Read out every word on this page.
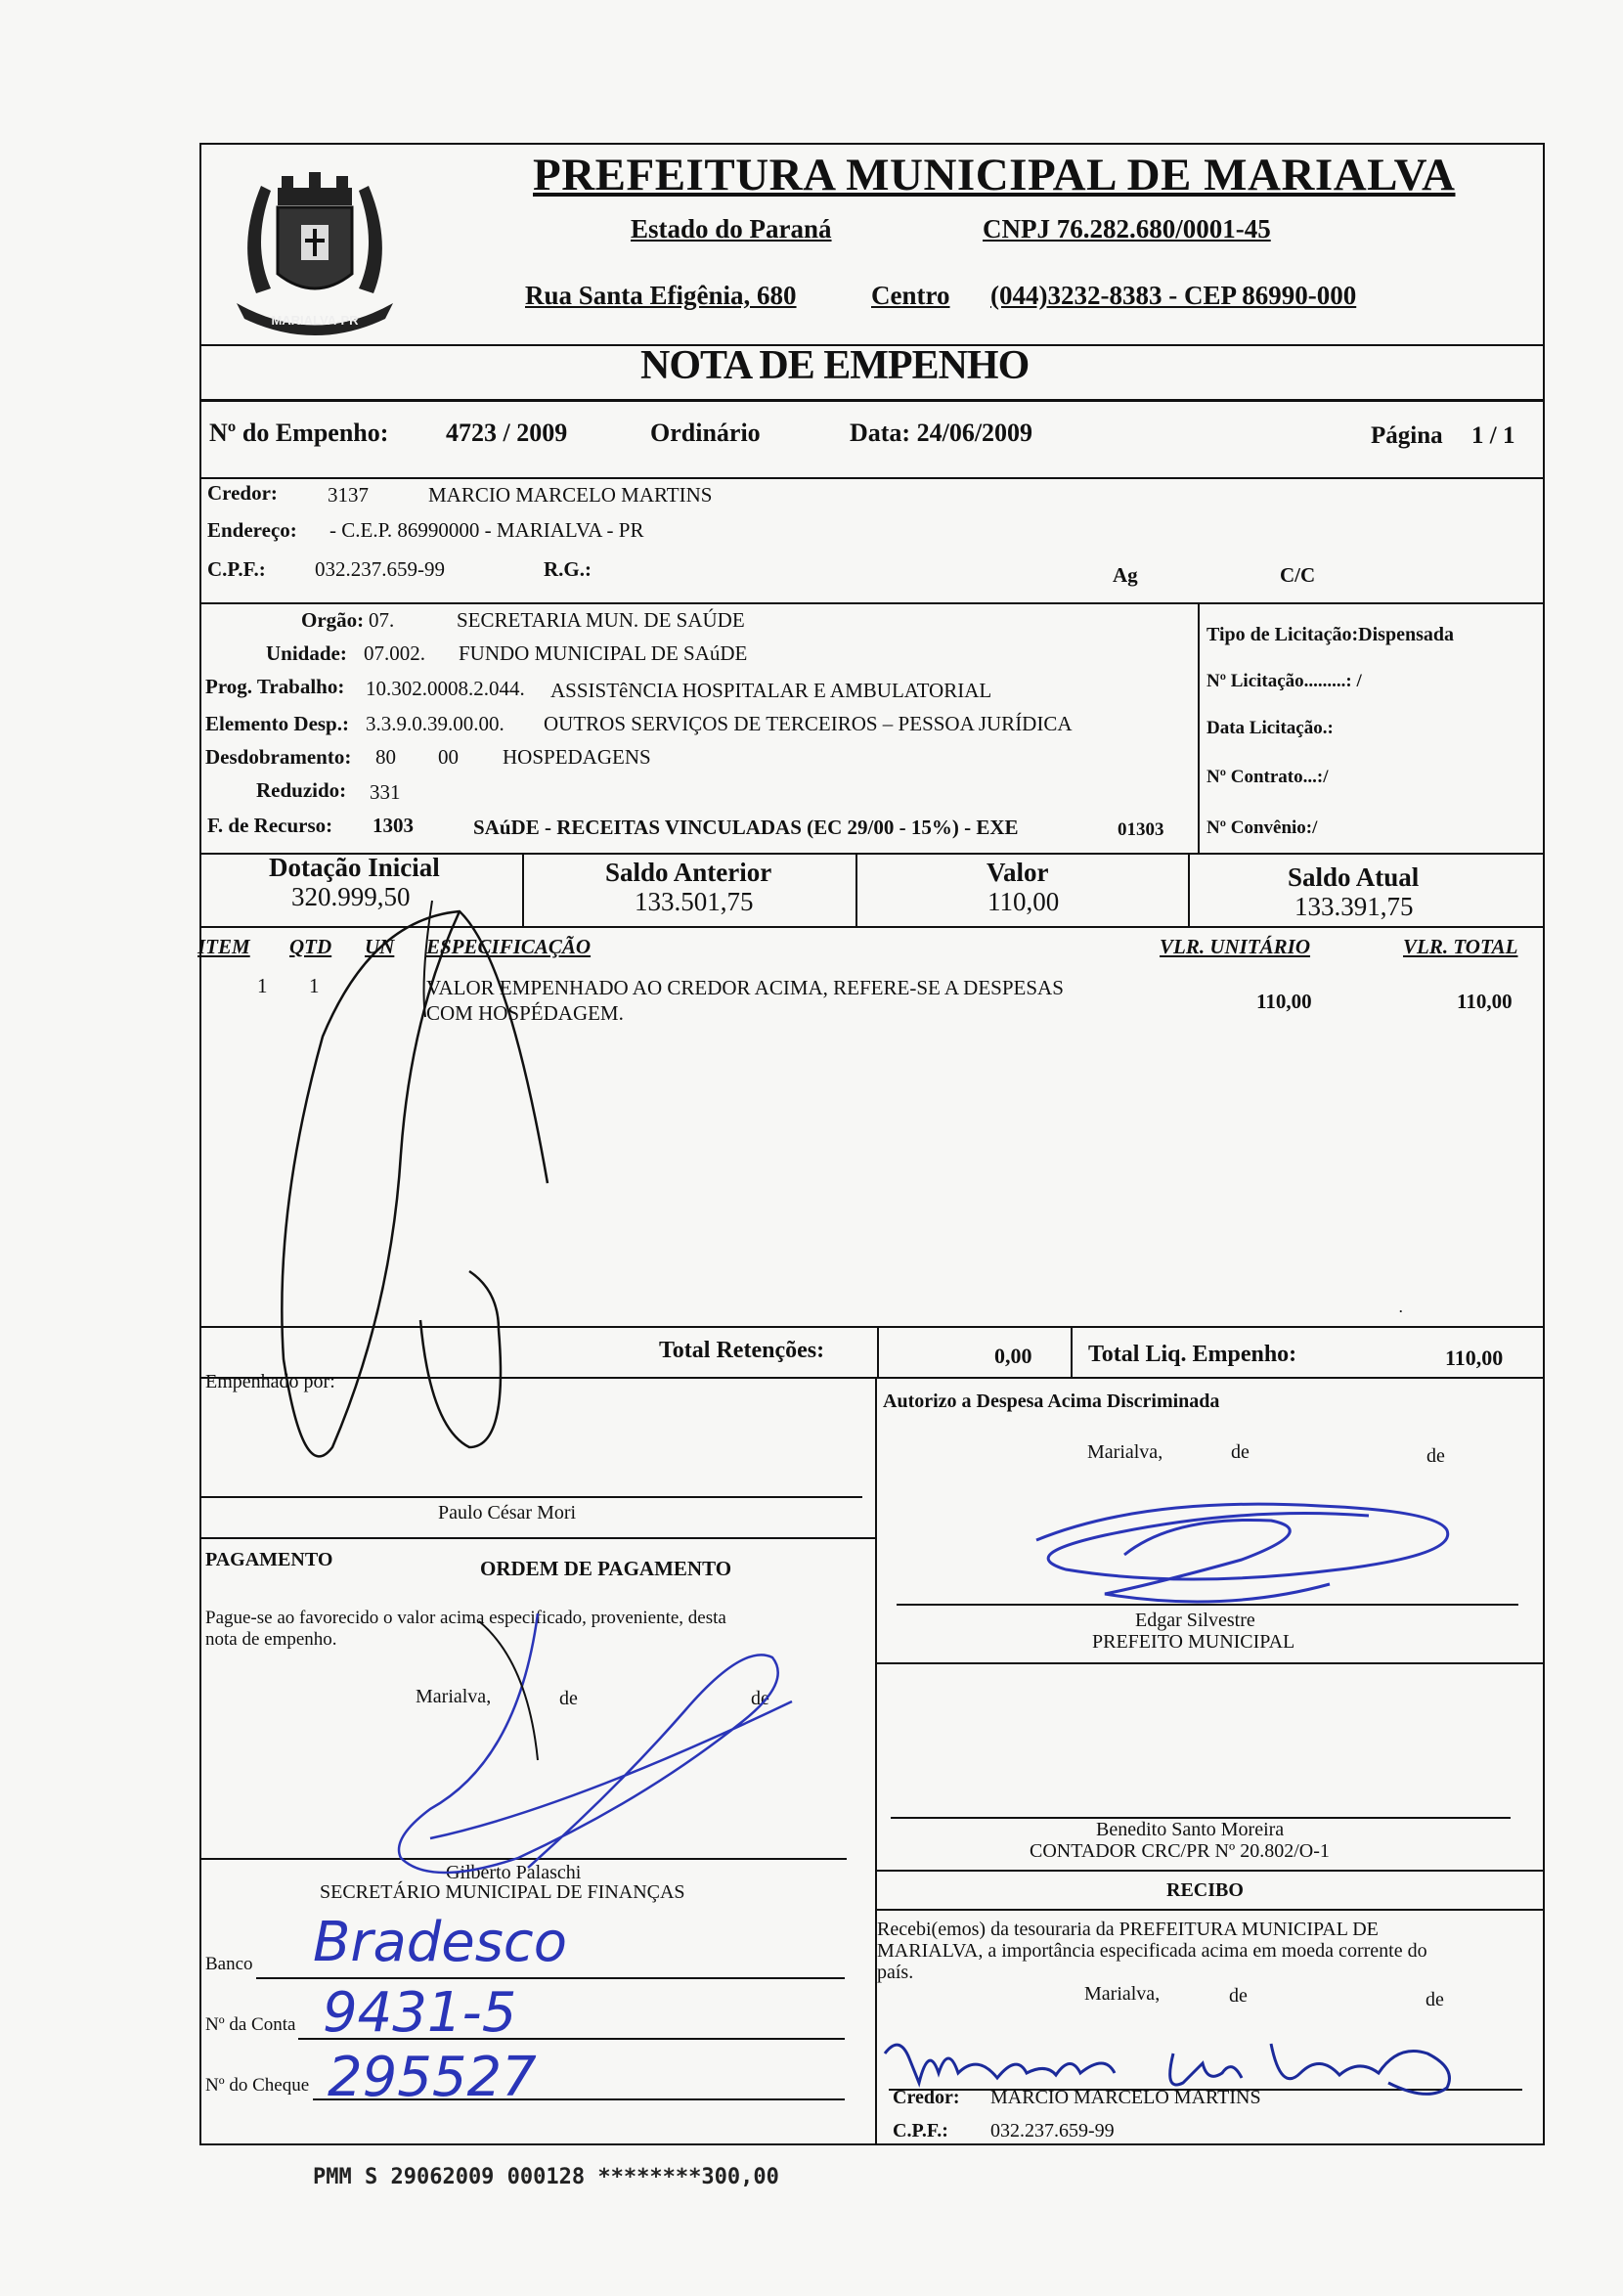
MARIALVA-PR
PREFEITURA MUNICIPAL DE MARIALVA
Estado do Paraná	CNPJ 76.282.680/0001-45
Rua Santa Efigênia, 680	Centro (044)3232-8383 - CEP 86990-000
NOTA DE EMPENHO
Nº do Empenho: 4723 / 2009	Ordinário	Data: 24/06/2009	Página 1 / 1
Credor: 3137	MARCIO MARCELO MARTINS
Endereço: - C.E.P. 86990000 - MARIALVA - PR
C.P.F.: 032.237.659-99	R.G.:	Ag	C/C
Orgão: 07.	SECRETARIA MUN. DE SAÚDE
Unidade: 07.002. FUNDO MUNICIPAL DE SAúDE
Prog. Trabalho: 10.302.0008.2.044. ASSISTêNCIA HOSPITALAR E AMBULATORIAL
Elemento Desp.: 3.3.9.0.39.00.00. OUTROS SERVIÇOS DE TERCEIROS – PESSOA JURÍDICA
Desdobramento: 80 00 HOSPEDAGENS
Reduzido: 331
F. de Recurso: 1303	SAúDE - RECEITAS VINCULADAS (EC 29/00 - 15%) - EXE	01303
Tipo de Licitação:Dispensada
Nº Licitação.........: /
Data Licitação.:
Nº Contrato...:/
Nº Convênio:/
Dotação Inicial
320.999,50
Saldo Anterior
133.501,75
Valor
110,00
Saldo Atual
133.391,75
ITEM QTD UN ESPECIFICAÇÃO	VLR. UNITÁRIO	VLR. TOTAL
1 1	VALOR EMPENHADO AO CREDOR ACIMA, REFERE-SE A DESPESAS
COM HOSPÉDAGEM.	110,00	110,00
Total Retenções:	0,00 Total Liq. Empenho:	110,00
Empenhado por:
Paulo César Mori
Autorizo a Despesa Acima Discriminada
Marialva,	de	de
Edgar Silvestre
PREFEITO MUNICIPAL
PAGAMENTO	ORDEM DE PAGAMENTO
Pague-se ao favorecido o valor acima especificado, proveniente, desta
nota de empenho.
Marialva,	de	de
Gilberto Palaschi
SECRETÁRIO MUNICIPAL DE FINANÇAS
Banco Bradesco
Nº da Conta 9431-5
Nº do Cheque 295527
Benedito Santo Moreira
CONTADOR CRC/PR Nº 20.802/O-1
RECIBO
Recebi(emos) da tesouraria da PREFEITURA MUNICIPAL DE
MARIALVA, a importância especificada acima em moeda corrente do
país.
Marialva,	de	de
Credor: MARCIO MARCELO MARTINS
C.P.F.: 032.237.659-99
PMM S 29062009 000128 ********300,00
